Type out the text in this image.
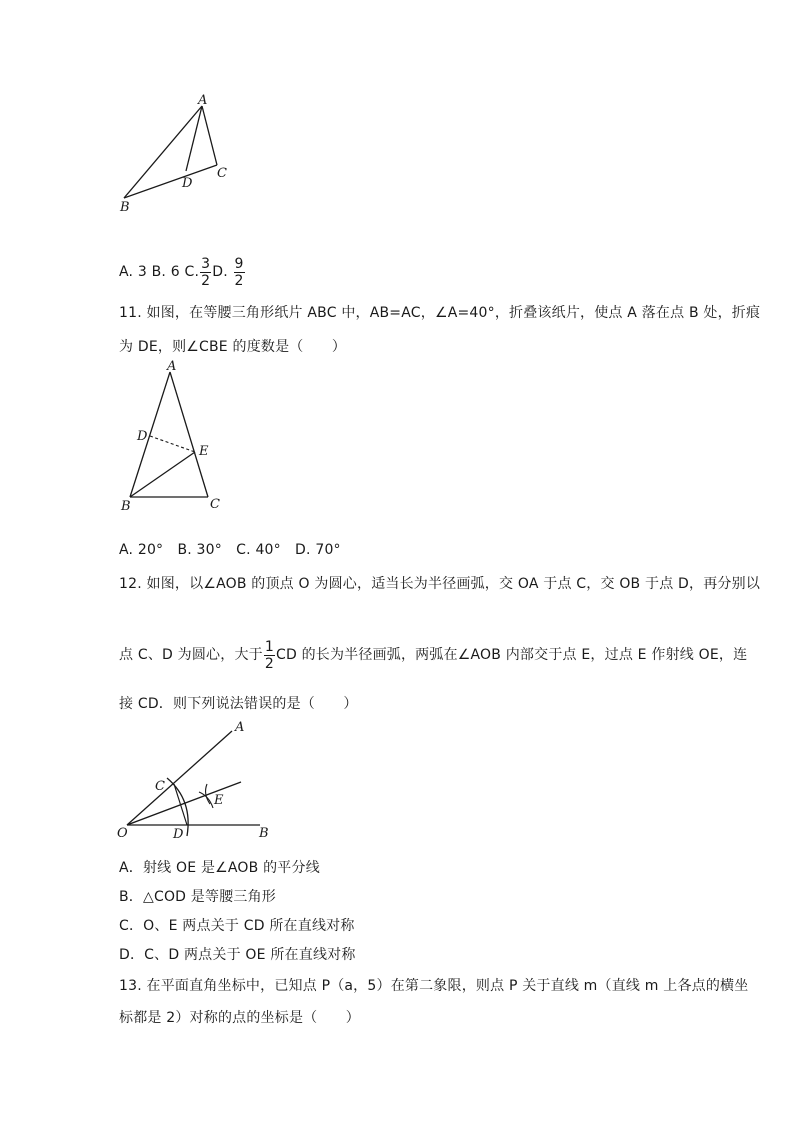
A
B
C
D
A. 3 B. 6 C. $\frac{3}{2} D$. $\frac{9}{2}$
11. 如图，在等腰三角形纸片 ABC 中，AB=AC，∠A=40°，折叠该纸片，使点 A 落在点 B 处，折痕
为 DE，则∠CBE 的度数是（　　）
A
D
E
B	C
A. 20°　B. 30°　C. 40°　D. 70°
12. 如图，以∠AOB 的顶点 O 为圆心，适当长为半径画弧，交 OA 于点 C，交 OB 于点 D，再分别以
点 C、D 为圆心，大于 $\frac{1}{2}$ CD 的长为半径画弧，两弧在∠AOB 内部交于点 E，过点 E 作射线 OE，连
接 CD．则下列说法错误的是（　　）
A
C
E
O	D	B
A．射线 OE 是∠AOB 的平分线
B．△COD 是等腰三角形
C．O、E 两点关于 CD 所在直线对称
D．C、D 两点关于 OE 所在直线对称
13. 在平面直角坐标中，已知点 P（a，5）在第二象限，则点 P 关于直线 m（直线 m 上各点的横坐
标都是 2）对称的点的坐标是（　　）
